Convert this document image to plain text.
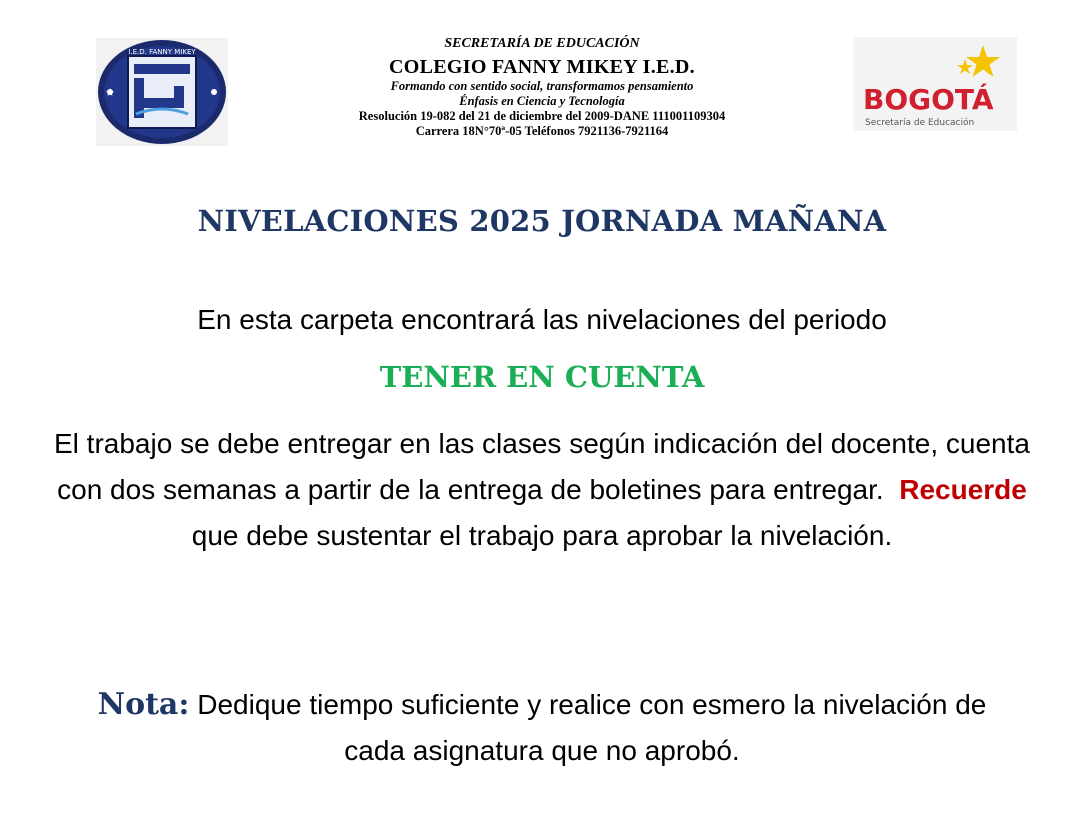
I.E.D. FANNY MIKEY
SECRETARÍA DE EDUCACIÓN
COLEGIO FANNY MIKEY I.E.D.
Formando con sentido social, transformamos pensamiento
Énfasis en Ciencia y Tecnología
Resolución 19-082 del 21 de diciembre del 2009-DANE 111001109304
Carrera 18N°70ª-05 Teléfonos 7921136-7921164
BOGOTÁ
Secretaría de Educación
NIVELACIONES 2025 JORNADA MAÑANA
En esta carpeta encontrará las nivelaciones del periodo
TENER EN CUENTA
El trabajo se debe entregar en las clases según indicación del docente, cuenta con dos semanas a partir de la entrega de boletines para entregar. Recuerde que debe sustentar el trabajo para aprobar la nivelación.
Nota: Dedique tiempo suficiente y realice con esmero la nivelación de cada asignatura que no aprobó.
